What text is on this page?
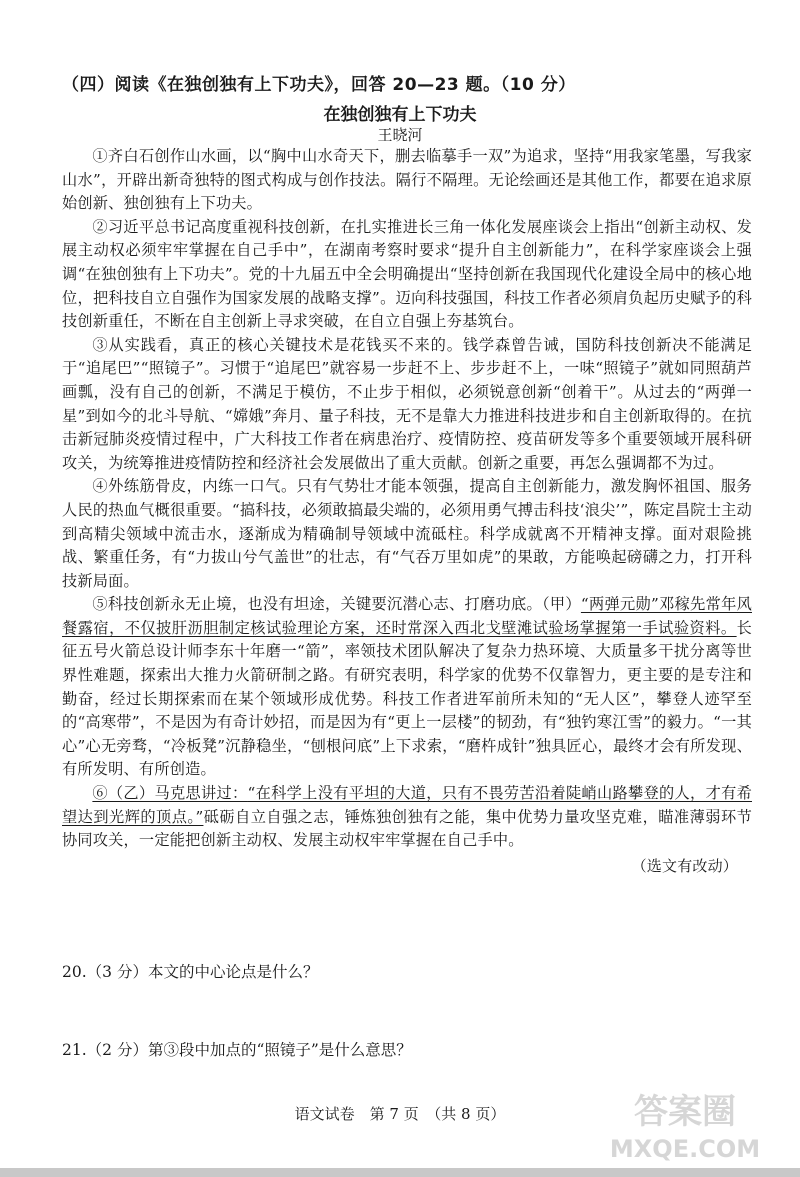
（四）阅读《在独创独有上下功夫》，回答 20—23 题。（10 分）
在独创独有上下功夫
王晓河

①齐白石创作山水画，以“胸中山水奇天下，删去临摹手一双”为追求，坚持“用我家笔墨，写我家山水”，开辟出新奇独特的图式构成与创作技法。隔行不隔理。无论绘画还是其他工作，都要在追求原始创新、独创独有上下功夫。

②习近平总书记高度重视科技创新，在扎实推进长三角一体化发展座谈会上指出“创新主动权、发展主动权必须牢牢掌握在自己手中”，在湖南考察时要求“提升自主创新能力”，在科学家座谈会上强调“在独创独有上下功夫”。党的十九届五中全会明确提出“坚持创新在我国现代化建设全局中的核心地位，把科技自立自强作为国家发展的战略支撑”。迈向科技强国，科技工作者必须肩负起历史赋予的科技创新重任，不断在自主创新上寻求突破，在自立自强上夯基筑台。

③从实践看，真正的核心关键技术是花钱买不来的。钱学森曾告诫，国防科技创新决不能满足于“追尾巴”“照镜子”。习惯于“追尾巴”就容易一步赶不上、步步赶不上，一味“照镜子”就如同照葫芦画瓢，没有自己的创新，不满足于模仿，不止步于相似，必须锐意创新“创着干”。从过去的“两弹一星”到如今的北斗导航、“嫦娥”奔月、量子科技，无不是靠大力推进科技进步和自主创新取得的。在抗击新冠肺炎疫情过程中，广大科技工作者在病患治疗、疫情防控、疫苗研发等多个重要领域开展科研攻关，为统筹推进疫情防控和经济社会发展做出了重大贡献。创新之重要，再怎么强调都不为过。

④外练筋骨皮，内练一口气。只有气势壮才能本领强，提高自主创新能力，激发胸怀祖国、服务人民的热血气概很重要。“搞科技，必须敢搞最尖端的，必须用勇气搏击科技‘浪尖’”，陈定昌院士主动到高精尖领域中流击水，逐渐成为精确制导领域中流砥柱。科学成就离不开精神支撑。面对艰险挑战、繁重任务，有“力拔山兮气盖世”的壮志，有“气吞万里如虎”的果敢，方能唤起磅礴之力，打开科技新局面。

⑤科技创新永无止境，也没有坦途，关键要沉潜心志、打磨功底。（甲）“两弹元勋”邓稼先常年风餐露宿，不仅披肝沥胆制定核试验理论方案，还时常深入西北戈壁滩试验场掌握第一手试验资料。长征五号火箭总设计师李东十年磨一“箭”，率领技术团队解决了复杂力热环境、大质量多干扰分离等世界性难题，探索出大推力火箭研制之路。有研究表明，科学家的优势不仅靠智力，更主要的是专注和勤奋，经过长期探索而在某个领域形成优势。科技工作者进军前所未知的“无人区”，攀登人迹罕至的“高寒带”，不是因为有奇计妙招，而是因为有“更上一层楼”的韧劲，有“独钓寒江雪”的毅力。“一其心”心无旁骛，“冷板凳”沉静稳坐，“刨根问底”上下求索，“磨杵成针”独具匠心，最终才会有所发现、有所发明、有所创造。

⑥（乙）马克思讲过：“在科学上没有平坦的大道，只有不畏劳苦沿着陡峭山路攀登的人，才有希望达到光辉的顶点。”砥砺自立自强之志，锤炼独创独有之能，集中优势力量攻坚克难，瞄准薄弱环节协同攻关，一定能把创新主动权、发展主动权牢牢掌握在自己手中。

（选文有改动）
20.（3 分）本文的中心论点是什么？
21.（2 分）第③段中加点的“照镜子”是什么意思？
语文试卷　第 7 页　（共 8 页）	答案圈
MXQE.COM
